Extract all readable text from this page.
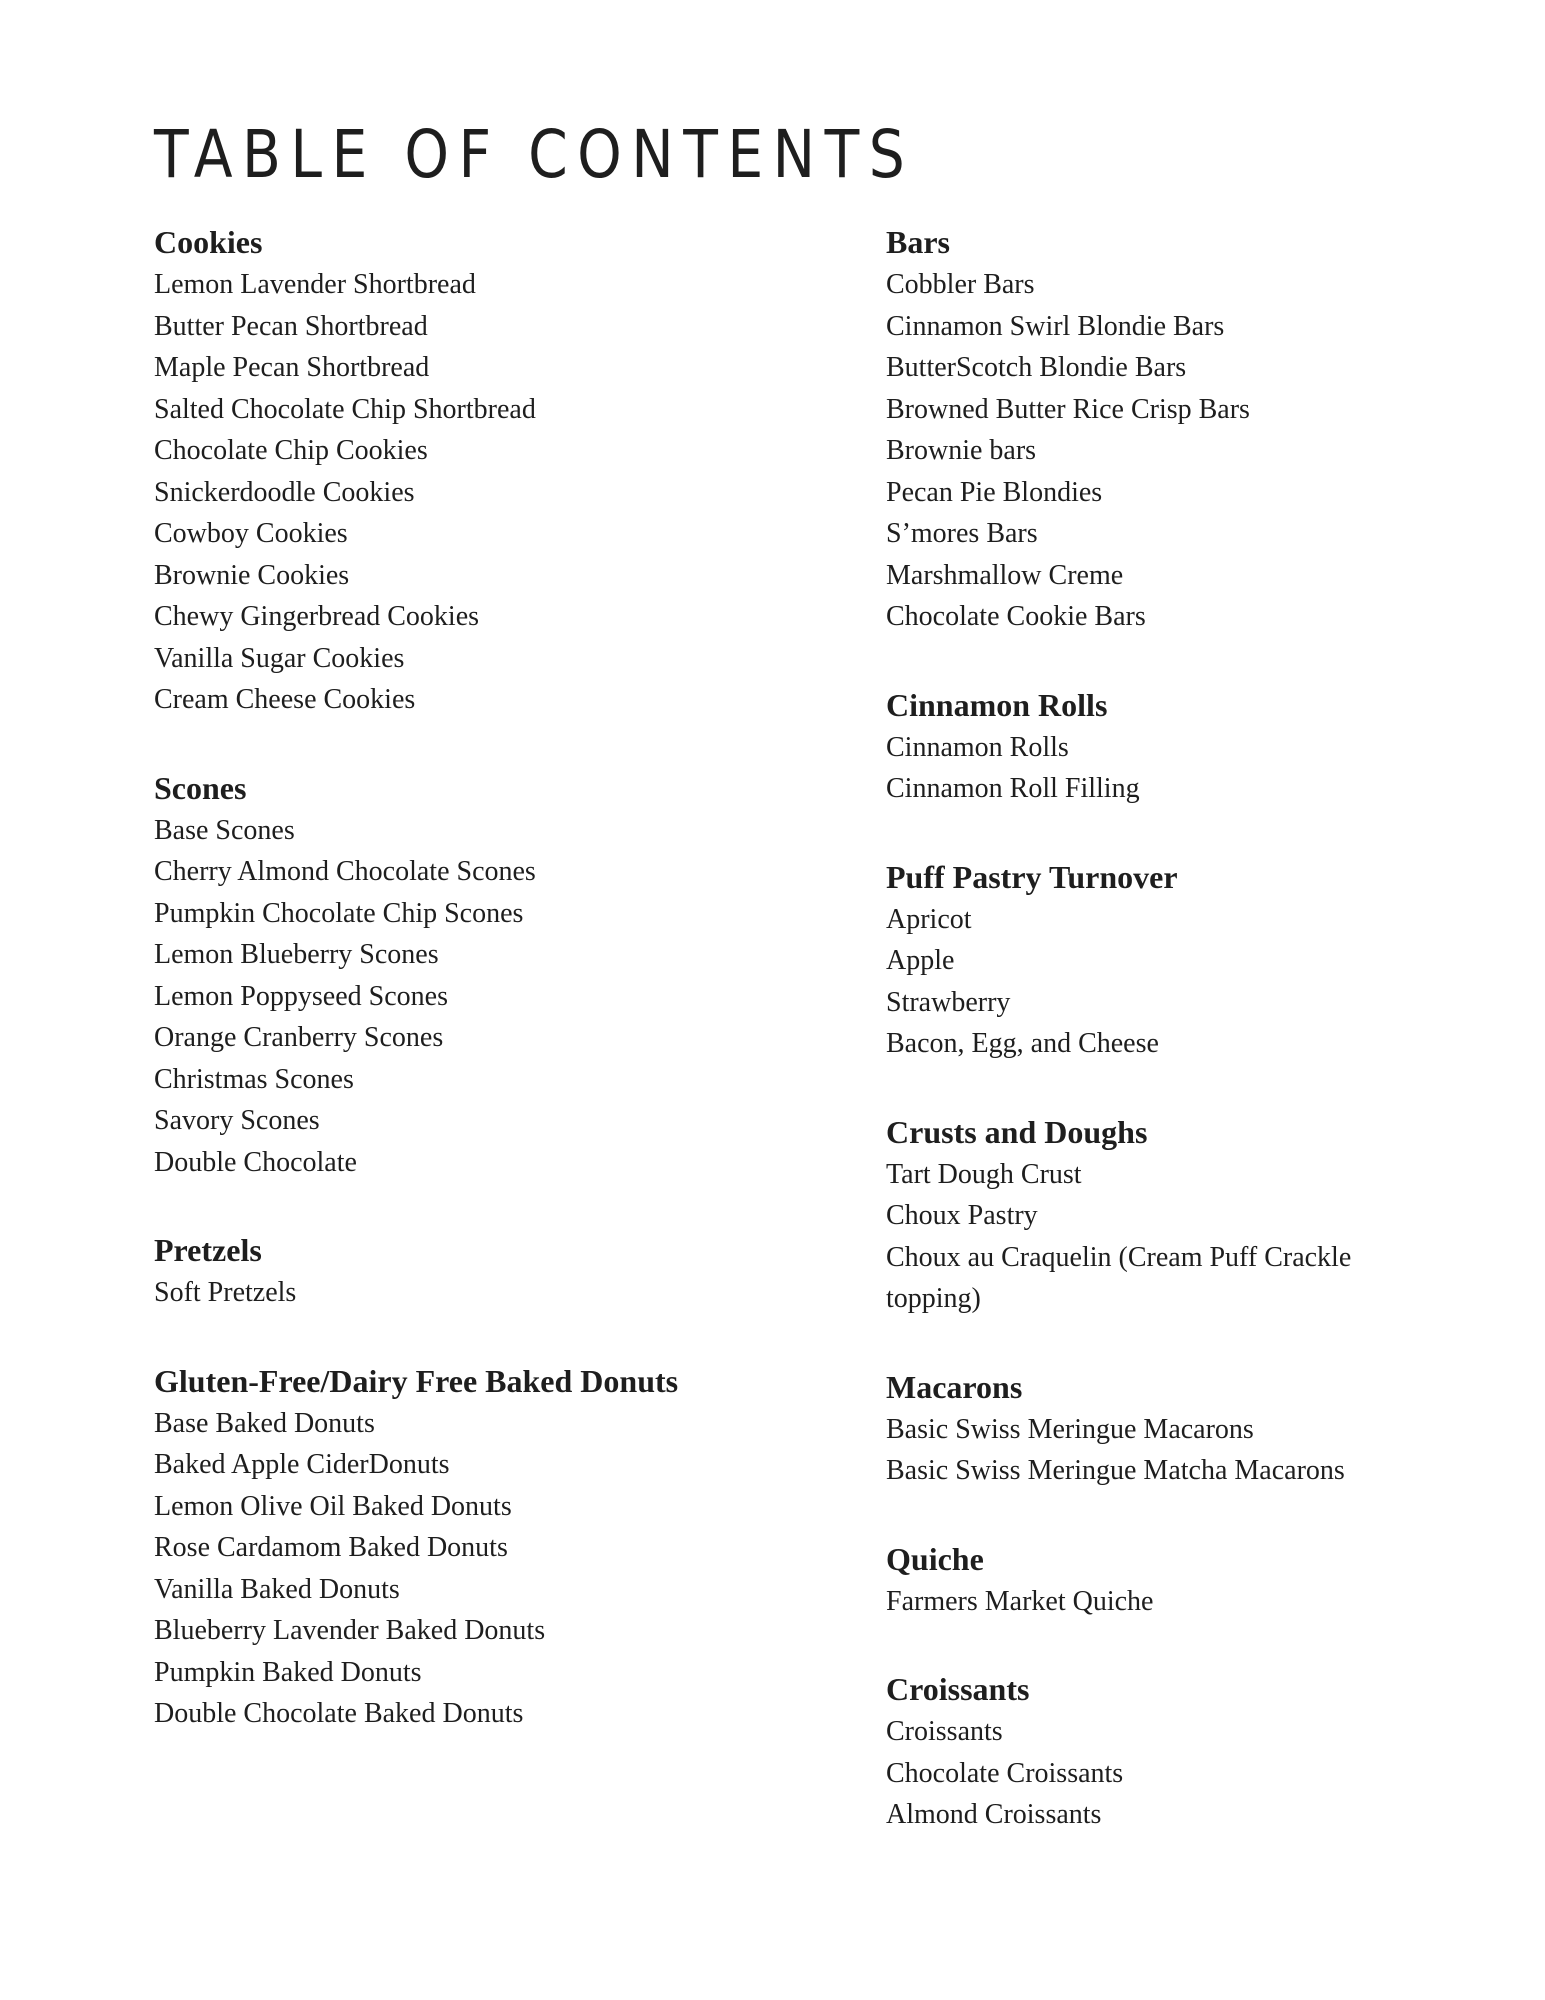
TABLE OF CONTENTS
Cookies
Lemon Lavender Shortbread
Butter Pecan Shortbread
Maple Pecan Shortbread
Salted Chocolate Chip Shortbread
Chocolate Chip Cookies
Snickerdoodle Cookies
Cowboy Cookies
Brownie Cookies
Chewy Gingerbread Cookies
Vanilla Sugar Cookies
Cream Cheese Cookies
Scones
Base Scones
Cherry Almond Chocolate Scones
Pumpkin Chocolate Chip Scones
Lemon Blueberry Scones
Lemon Poppyseed Scones
Orange Cranberry Scones
Christmas Scones
Savory Scones
Double Chocolate
Pretzels
Soft Pretzels
Gluten-Free/Dairy Free Baked Donuts
Base Baked Donuts
Baked Apple CiderDonuts
Lemon Olive Oil Baked Donuts
Rose Cardamom Baked Donuts
Vanilla Baked Donuts
Blueberry Lavender Baked Donuts
Pumpkin Baked Donuts
Double Chocolate Baked Donuts
Bars
Cobbler Bars
Cinnamon Swirl Blondie Bars
ButterScotch Blondie Bars
Browned Butter Rice Crisp Bars
Brownie bars
Pecan Pie Blondies
S’mores Bars
Marshmallow Creme
Chocolate Cookie Bars
Cinnamon Rolls
Cinnamon Rolls
Cinnamon Roll Filling
Puff Pastry Turnover
Apricot
Apple
Strawberry
Bacon, Egg, and Cheese
Crusts and Doughs
Tart Dough Crust
Choux Pastry
Choux au Craquelin (Cream Puff Crackle topping)
Macarons
Basic Swiss Meringue Macarons
Basic Swiss Meringue Matcha Macarons
Quiche
Farmers Market Quiche
Croissants
Croissants
Chocolate Croissants
Almond Croissants
